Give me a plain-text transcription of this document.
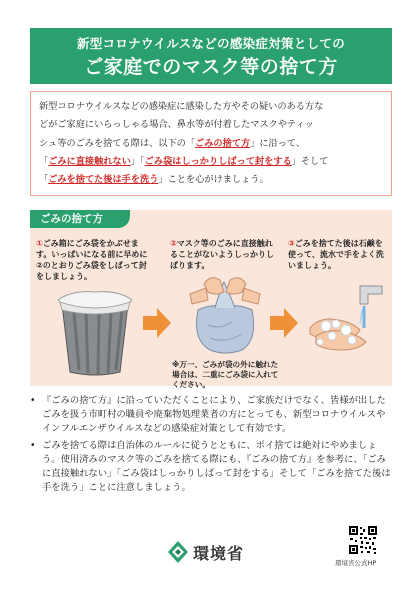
新型コロナウイルスなどの感染症対策としての
ご家庭でのマスク等の捨て方
新型コロナウイルスなどの感染症に感染した方やその疑いのある方な
どがご家庭にいらっしゃる場合、鼻水等が付着したマスクやティッ
シュ等のごみを捨てる際は、以下の「ごみの捨て方」に沿って、
「ごみに直接触れない」「ごみ袋はしっかりしばって封をする」そして
「ごみを捨てた後は手を洗う」ことを心がけましょう。
ごみの捨て方
①ごみ箱にごみ袋をかぶせます。いっぱいになる前に早めに②のとおりごみ袋をしばって封をしましょう。
②マスク等のごみに直接触れることがないようしっかりしばります。
③ごみを捨てた後は石鹸を使って、流水で手をよく洗いましょう。
※万一、ごみが袋の外に触れた場合は、二重にごみ袋に入れてください。
• 『ごみの捨て方』に沿っていただくことにより、ご家族だけでなく、皆様が出したごみを扱う市町村の職員や廃棄物処理業者の方にとっても、新型コロナウイルスやインフルエンザウイルスなどの感染症対策として有効です。
• ごみを捨てる際は自治体のルールに従うとともに、ポイ捨ては絶対にやめましょう。使用済みのマスク等のごみを捨てる際にも、『ごみの捨て方』を参考に、「ごみに直接触れない」「ごみ袋はしっかりしばって封をする」そして「ごみを捨てた後は手を洗う」ことに注意しましょう。
環境省	環境省公式HP
